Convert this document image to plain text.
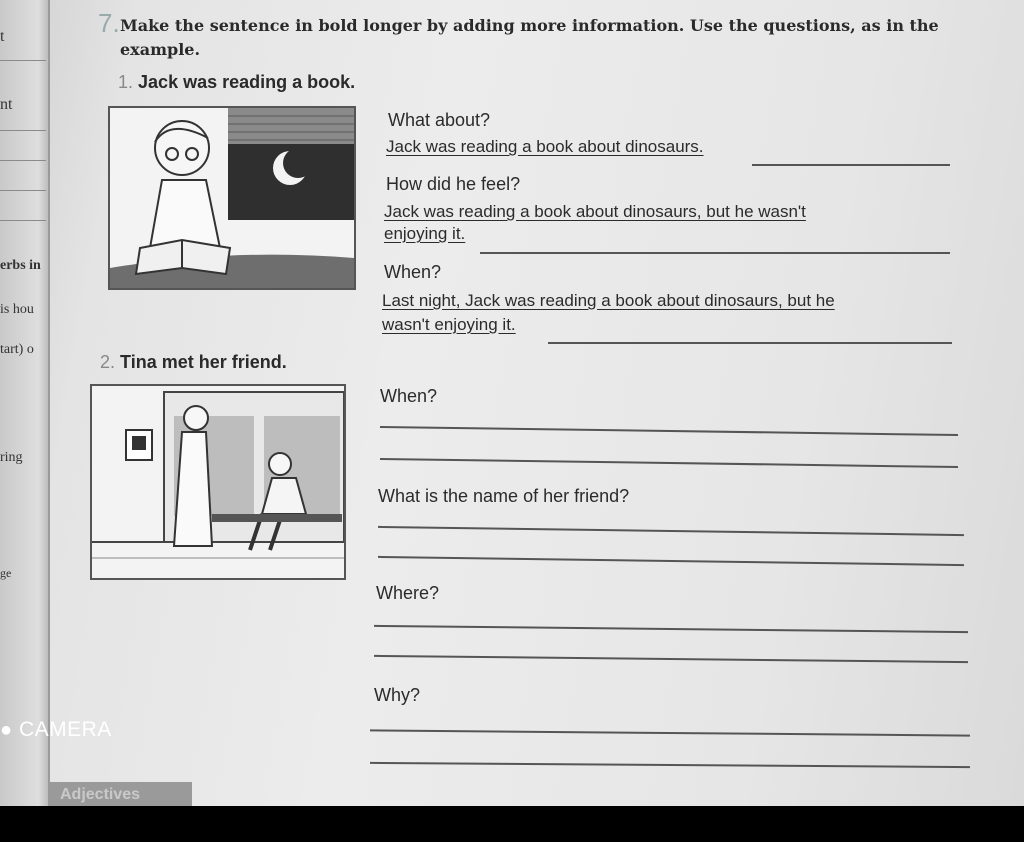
t
nt
erbs in
is hou
tart) o
ring
ge
7. Make the sentence in bold longer by adding more information. Use the questions, as in the example.
1. Jack was reading a book.
What about?
Jack was reading a book about dinosaurs.
How did he feel?
Jack was reading a book about dinosaurs, but he wasn't
enjoying it.
When?
Last night, Jack was reading a book about dinosaurs, but he
wasn't enjoying it.
2. Tina met her friend.
When?
What is the name of her friend?
Where?
Why?
Adjectives
● CAMERA
